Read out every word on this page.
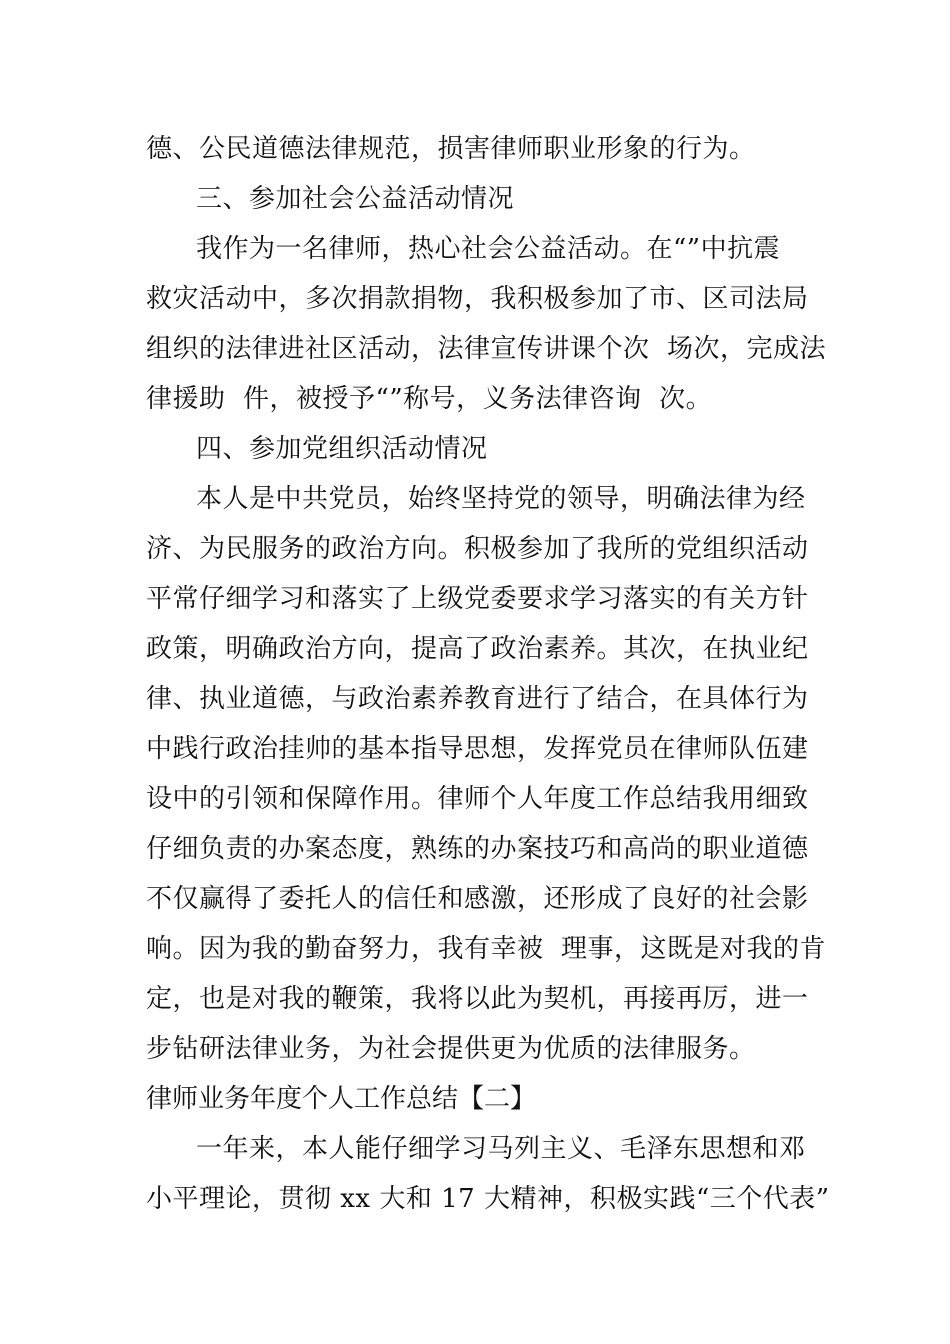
德、公民道德法律规范，损害律师职业形象的行为。
三、参加社会公益活动情况
我作为一名律师，热心社会公益活动。在“”中抗震
救灾活动中，多次捐款捐物，我积极参加了市、区司法局
组织的法律进社区活动，法律宣传讲课个次  场次，完成法
律援助  件，被授予“”称号，义务法律咨询  次。
四、参加党组织活动情况
本人是中共党员，始终坚持党的领导，明确法律为经
济、为民服务的政治方向。积极参加了我所的党组织活动
平常仔细学习和落实了上级党委要求学习落实的有关方针
政策，明确政治方向，提高了政治素养。其次，在执业纪
律、执业道德，与政治素养教育进行了结合，在具体行为
中践行政治挂帅的基本指导思想，发挥党员在律师队伍建
设中的引领和保障作用。律师个人年度工作总结我用细致
仔细负责的办案态度，熟练的办案技巧和高尚的职业道德
不仅赢得了委托人的信任和感激，还形成了良好的社会影
响。因为我的勤奋努力，我有幸被  理事，这既是对我的肯
定，也是对我的鞭策，我将以此为契机，再接再厉，进一
步钻研法律业务，为社会提供更为优质的法律服务。
律师业务年度个人工作总结【二】
一年来，本人能仔细学习马列主义、毛泽东思想和邓
小平理论，贯彻 xx 大和 17 大精神，积极实践“三个代表”
